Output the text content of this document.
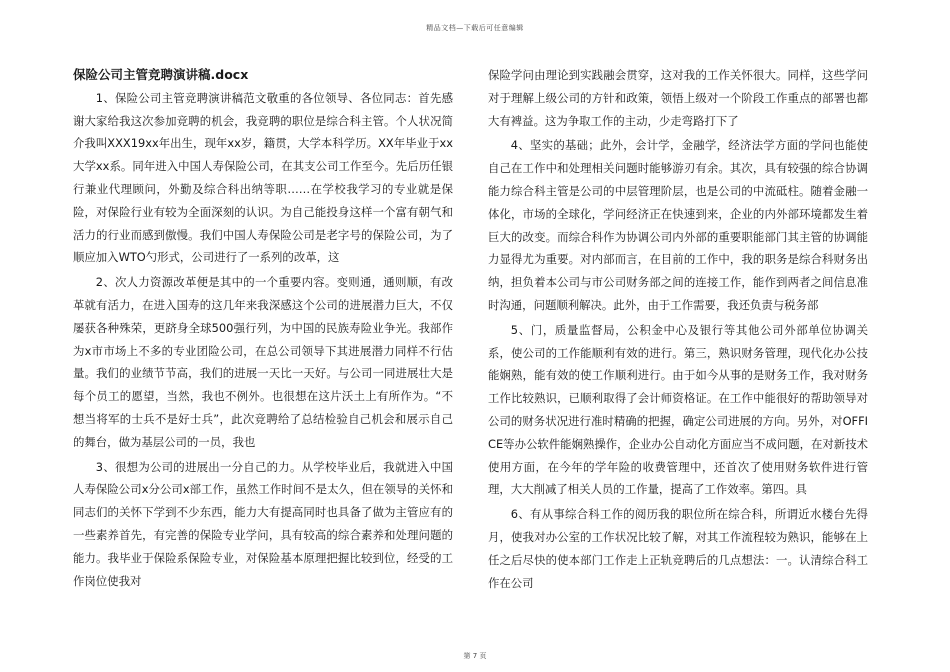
精品文档—下载后可任意编辑
保险公司主管竞聘演讲稿.docx

1、保险公司主管竞聘演讲稿范文敬重的各位领导、各位同志：首先感谢大家给我这次参加竞聘的机会，我竞聘的职位是综合科主管。个人状况简介我叫XXX19xx年出生，现年xx岁，籍贯，大学本科学历。XX年毕业于xx大学xx系。同年进入中国人寿保险公司，在其支公司工作至今。先后历任银行兼业代理顾问，外勤及综合科出纳等职……在学校我学习的专业就是保险，对保险行业有较为全面深刻的认识。为自己能投身这样一个富有朝气和活力的行业而感到傲慢。我们中国人寿保险公司是老字号的保险公司，为了顺应加入WTO勺形式，公司进行了一系列的改革，这

2、次人力资源改革便是其中的一个重要内容。变则通，通则顺，有改革就有活力，在进入国寿的这几年来我深感这个公司的进展潜力巨大，不仅屡获各种殊荣，更跻身全球500强行列，为中国的民族寿险业争光。我部作为x市市场上不多的专业团险公司，在总公司领导下其进展潜力同样不行估量。我们的业绩节节高，我们的进展一天比一天好。与公司一同进展壮大是每个员工的愿望，当然，我也不例外。也很想在这片沃土上有所作为。“不想当将军的士兵不是好士兵”，此次竞聘给了总结检验自己机会和展示自己的舞台，做为基层公司的一员，我也

3、很想为公司的进展出一分自己的力。从学校毕业后，我就进入中国人寿保险公司x分公司x部工作，虽然工作时间不是太久，但在领导的关怀和同志们的关怀下学到不少东西，能力大有提高同时也具备了做为主管应有的一些素养首先，有完善的保险专业学问，具有较高的综合素养和处理问题的能力。我毕业于保险系保险专业，对保险基本原理把握比较到位，经受的工作岗位使我对

保险学问由理论到实践融会贯穿，这对我的工作关怀很大。同样，这些学问对于理解上级公司的方针和政策，领悟上级对一个阶段工作重点的部署也都大有裨益。这为争取工作的主动，少走弯路打下了

4、坚实的基础；此外，会计学，金融学，经济法学方面的学问也能使自己在工作中和处理相关问题时能够游刃有余。其次，具有较强的综合协调能力综合科主管是公司的中层管理阶层，也是公司的中流砥柱。随着金融一体化，市场的全球化，学问经济正在快速到来，企业的内外部环境都发生着巨大的改变。而综合科作为协调公司内外部的重要职能部门其主管的协调能力显得尤为重要。对内部而言，在目前的工作中，我的职务是综合科财务出纳，担负着本公司与市公司财务部之间的连接工作，能作到两者之间信息准时沟通，问题顺利解决。此外，由于工作需要，我还负责与税务部

5、门，质量监督局，公积金中心及银行等其他公司外部单位协调关系，使公司的工作能顺利有效的进行。第三，熟识财务管理，现代化办公技能娴熟，能有效的使工作顺利进行。由于如今从事的是财务工作，我对财务工作比较熟识，已顺利取得了会计师资格证。在工作中能很好的帮助领导对公司的财务状况进行准时精确的把握，确定公司进展的方向。另外，对OFFICE等办公软件能娴熟操作，企业办公自动化方面应当不成问题，在对新技术使用方面，在今年的学年险的收费管理中，还首次了使用财务软件进行管理，大大削减了相关人员的工作量，提高了工作效率。第四。具

6、有从事综合科工作的阅历我的职位所在综合科，所谓近水楼台先得月，使我对办公室的工作状况比较了解，对其工作流程较为熟识，能够在上任之后尽快的使本部门工作走上正轨竞聘后的几点想法：一。认清综合科工作在公司

第 7 页
